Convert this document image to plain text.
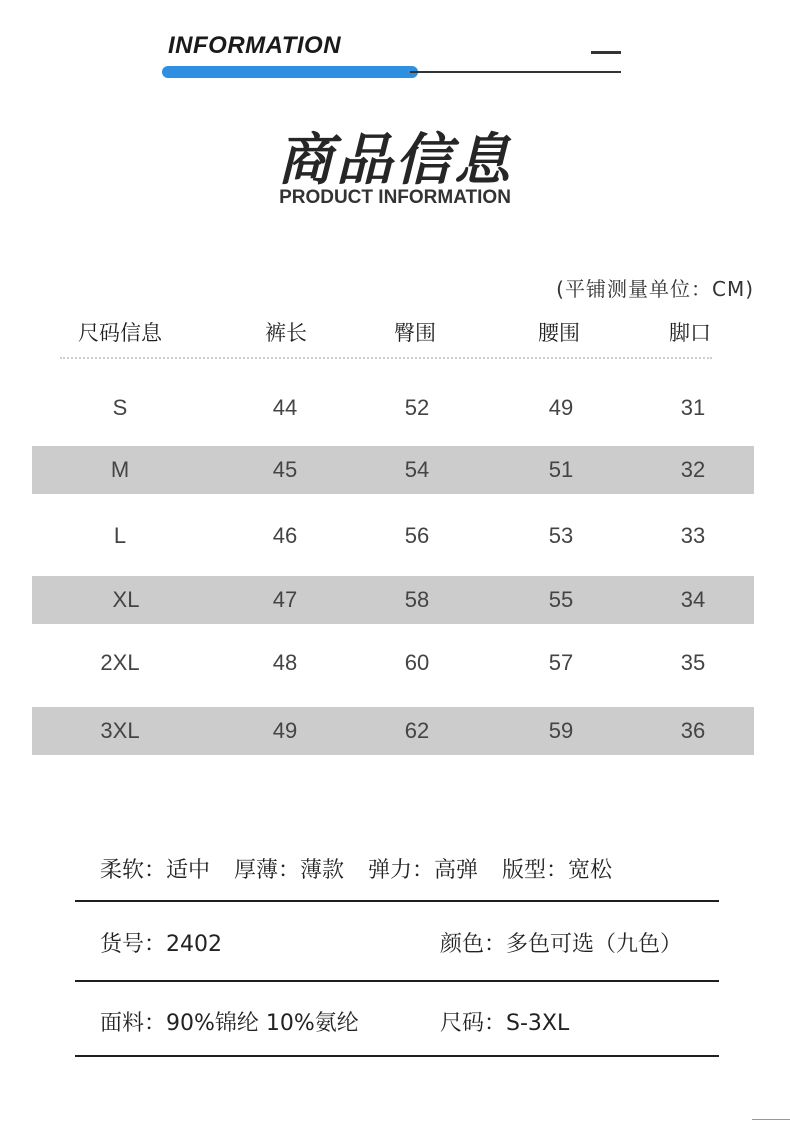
INFORMATION
商品信息
PRODUCT INFORMATION
(平铺测量单位：CM)
尺码信息	裤长	臀围	腰围	脚口
S	44	52	49	31
M	45	54	51	32
L	46	56	53	33
XL	47	58	55	34
2XL	48	60	57	35
3XL	49	62	59	36
柔软：适中 厚薄：薄款 弹力：高弹 版型：宽松
货号：2402	颜色：多色可选（九色）
面料：90%锦纶 10%氨纶	尺码：S-3XL
